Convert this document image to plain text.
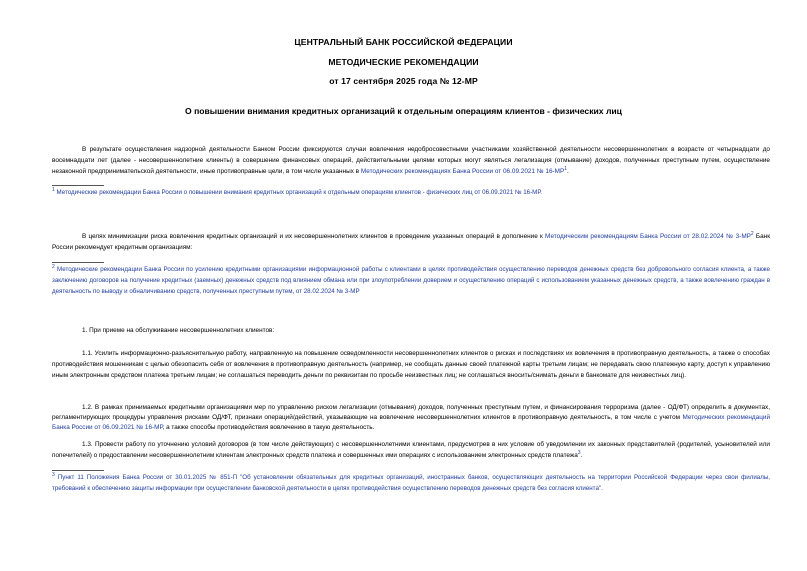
ЦЕНТРАЛЬНЫЙ БАНК РОССИЙСКОЙ ФЕДЕРАЦИИ
МЕТОДИЧЕСКИЕ РЕКОМЕНДАЦИИ
от 17 сентября 2025 года № 12-МР
О повышении внимания кредитных организаций к отдельным операциям клиентов - физических лиц
В результате осуществления надзорной деятельности Банком России фиксируются случаи вовлечения недобросовестными участниками хозяйственной деятельности несовершеннолетних в возрасте от четырнадцати до восемнадцати лет (далее - несовершеннолетние клиенты) в совершение финансовых операций, действительными целями которых могут являться легализация (отмывание) доходов, полученных преступным путем, осуществление незаконной предпринимательской деятельности, иные противоправные цели, в том числе указанных в Методических рекомендациях Банка России от 06.09.2021 № $16-МР^1$.
$^1$ Методические рекомендации Банка России о повышении внимания кредитных организаций к отдельным операциям клиентов - физических лиц от 06.09.2021 № 16-МР.
В целях минимизации риска вовлечения кредитных организаций и их несовершеннолетних клиентов в проведение указанных операций в дополнение к Методическим рекомендациям Банка России от 28.02.2024 № $3-МР^2$ Банк России рекомендует кредитным организациям:
$^2$ Методические рекомендации Банка России по усилению кредитными организациями информационной работы с клиентами в целях противодействия осуществлению переводов денежных средств без добровольного согласия клиента, а также заключению договоров на получение кредитных (заемных) денежных средств под влиянием обмана или при злоупотреблении доверием и осуществлению операций с использованием указанных денежных средств, а также вовлечению граждан в деятельность по выводу и обналичиванию средств, полученных преступным путем, от 28.02.2024 № 3-МР
1. При приеме на обслуживание несовершеннолетних клиентов:
1.1. Усилить информационно-разъяснительную работу, направленную на повышение осведомленности несовершеннолетних клиентов о рисках и последствиях их вовлечения в противоправную деятельность, а также о способах противодействия мошенникам с целью обезопасить себя от вовлечения в противоправную деятельность (например, не сообщать данные своей платежной карты третьим лицам; не передавать свою платежную карту, доступ к управлению иным электронным средством платежа третьим лицам; не соглашаться переводить деньги по реквизитам по просьбе неизвестных лиц; не соглашаться вносить/снимать деньги в банкомате для неизвестных лиц).
1.2. В рамках принимаемых кредитными организациями мер по управлению риском легализации (отмывания) доходов, полученных преступным путем, и финансирования терроризма (далее - ОД/ФТ) определить в документах, регламентирующих процедуры управления рисками ОД/ФТ, признаки операций/действий, указывающие на вовлечение несовершеннолетних клиентов в противоправную деятельность, в том числе с учетом Методических рекомендаций Банка России от 06.09.2021 № 16-МР, а также способы противодействия вовлечению в такую деятельность.
1.3. Провести работу по уточнению условий договоров (в том числе действующих) с несовершеннолетними клиентами, предусмотрев в них условие об уведомлении их законных представителей (родителей, усыновителей или попечителей) о предоставлении несовершеннолетним клиентам электронных средств платежа и совершенных ими операциях с использованием электронных средств платежа$^3$.
$^3$ Пункт 11 Положения Банка России от 30.01.2025 № 851-П "Об установлении обязательных для кредитных организаций, иностранных банков, осуществляющих деятельность на территории Российской Федерации через свои филиалы, требований к обеспечению защиты информации при осуществлении банковской деятельности в целях противодействия осуществлению переводов денежных средств без согласия клиента".
